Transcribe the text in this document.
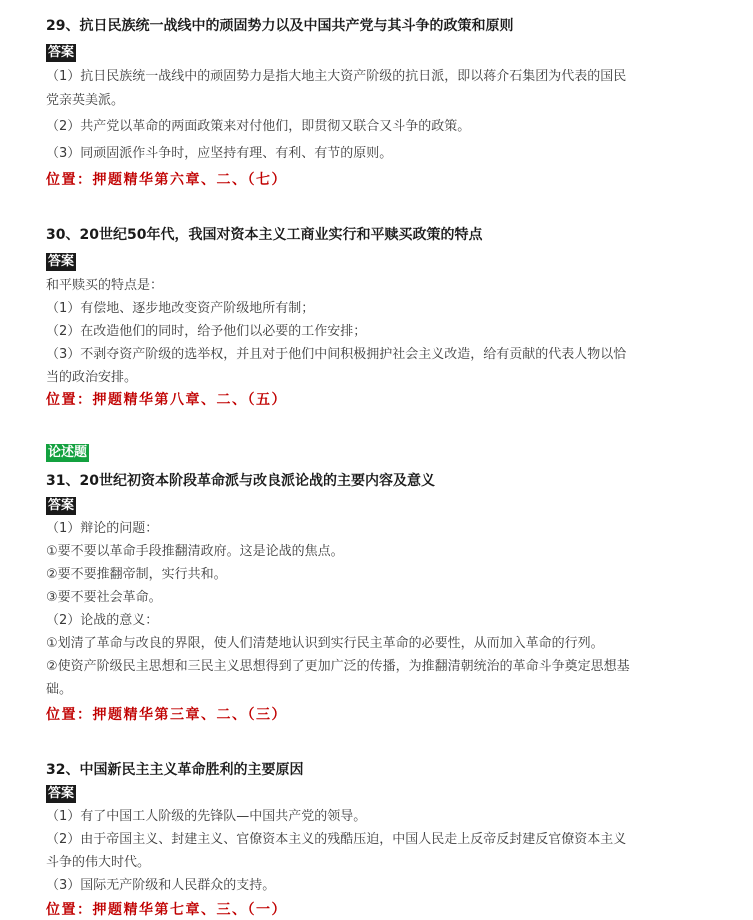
29、抗日民族统一战线中的顽固势力以及中国共产党与其斗争的政策和原则
答案
（1）抗日民族统一战线中的顽固势力是指大地主大资产阶级的抗日派，即以蒋介石集团为代表的国民
党亲英美派。
（2）共产党以革命的两面政策来对付他们，即贯彻又联合又斗争的政策。
（3）同顽固派作斗争时，应坚持有理、有利、有节的原则。
位置：押题精华第六章、二、（七）
30、20世纪50年代，我国对资本主义工商业实行和平赎买政策的特点
答案
和平赎买的特点是：
（1）有偿地、逐步地改变资产阶级地所有制；
（2）在改造他们的同时，给予他们以必要的工作安排；
（3）不剥夺资产阶级的选举权，并且对于他们中间积极拥护社会主义改造，给有贡献的代表人物以恰
当的政治安排。
位置：押题精华第八章、二、（五）
论述题
31、20世纪初资本阶段革命派与改良派论战的主要内容及意义
答案
（1）辩论的问题：
①要不要以革命手段推翻清政府。这是论战的焦点。
②要不要推翻帝制，实行共和。
③要不要社会革命。
（2）论战的意义：
①划清了革命与改良的界限，使人们清楚地认识到实行民主革命的必要性，从而加入革命的行列。
②使资产阶级民主思想和三民主义思想得到了更加广泛的传播，为推翻清朝统治的革命斗争奠定思想基
础。
位置：押题精华第三章、二、（三）
32、中国新民主主义革命胜利的主要原因
答案
（1）有了中国工人阶级的先锋队—中国共产党的领导。
（2）由于帝国主义、封建主义、官僚资本主义的残酷压迫，中国人民走上反帝反封建反官僚资本主义
斗争的伟大时代。
（3）国际无产阶级和人民群众的支持。
位置：押题精华第七章、三、（一）
